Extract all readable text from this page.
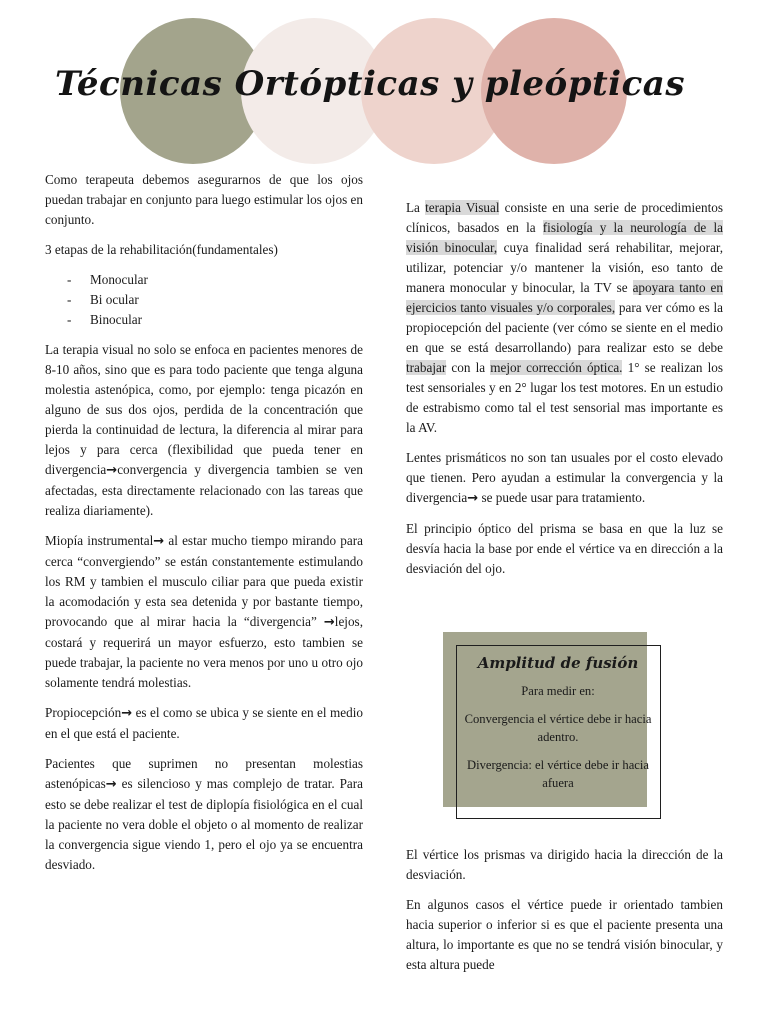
Técnicas Ortópticas y pleópticas

Como terapeuta debemos asegurarnos de que los ojos puedan trabajar en conjunto para luego estimular los ojos en conjunto.

3 etapas de la rehabilitación(fundamentales)

- Monocular
- Bi ocular
- Binocular

La terapia visual no solo se enfoca en pacientes menores de 8-10 años, sino que es para todo paciente que tenga alguna molestia astenópica, como, por ejemplo: tenga picazón en alguno de sus dos ojos, perdida de la concentración que pierda la continuidad de lectura, la diferencia al mirar para lejos y para cerca (flexibilidad que pueda tener en divergencia→convergencia y divergencia tambien se ven afectadas, esta directamente relacionado con las tareas que realiza diariamente).

Miopía instrumental→ al estar mucho tiempo mirando para cerca “convergiendo” se están constantemente estimulando los RM y tambien el musculo ciliar para que pueda existir la acomodación y esta sea detenida y por bastante tiempo, provocando que al mirar hacia la “divergencia” →lejos, costará y requerirá un mayor esfuerzo, esto tambien se puede trabajar, la paciente no vera menos por uno u otro ojo solamente tendrá molestias.

Propiocepción→ es el como se ubica y se siente en el medio en el que está el paciente.

Pacientes que suprimen no presentan molestias astenópicas→ es silencioso y mas complejo de tratar. Para esto se debe realizar el test de diplopía fisiológica en el cual la paciente no vera doble el objeto o al momento de realizar la convergencia sigue viendo 1, pero el ojo ya se encuentra desviado.

La terapia Visual consiste en una serie de procedimientos clínicos, basados en la fisiología y la neurología de la visión binocular, cuya finalidad será rehabilitar, mejorar, utilizar, potenciar y/o mantener la visión, eso tanto de manera monocular y binocular, la TV se apoyara tanto en ejercicios tanto visuales y/o corporales, para ver cómo es la propiocepción del paciente (ver cómo se siente en el medio en que se está desarrollando) para realizar esto se debe trabajar con la mejor corrección óptica. 1° se realizan los test sensoriales y en 2° lugar los test motores. En un estudio de estrabismo como tal el test sensorial mas importante es la AV.

Lentes prismáticos no son tan usuales por el costo elevado que tienen. Pero ayudan a estimular la convergencia y la divergencia→ se puede usar para tratamiento.

El principio óptico del prisma se basa en que la luz se desvía hacia la base por ende el vértice va en dirección a la desviación del ojo.

Amplitud de fusión

Para medir en:

Convergencia el vértice debe ir hacia adentro.

Divergencia: el vértice debe ir hacia afuera

El vértice los prismas va dirigido hacia la dirección de la desviación.

En algunos casos el vértice puede ir orientado tambien hacia superior o inferior si es que el paciente presenta una altura, lo importante es que no se tendrá visión binocular, y esta altura puede
